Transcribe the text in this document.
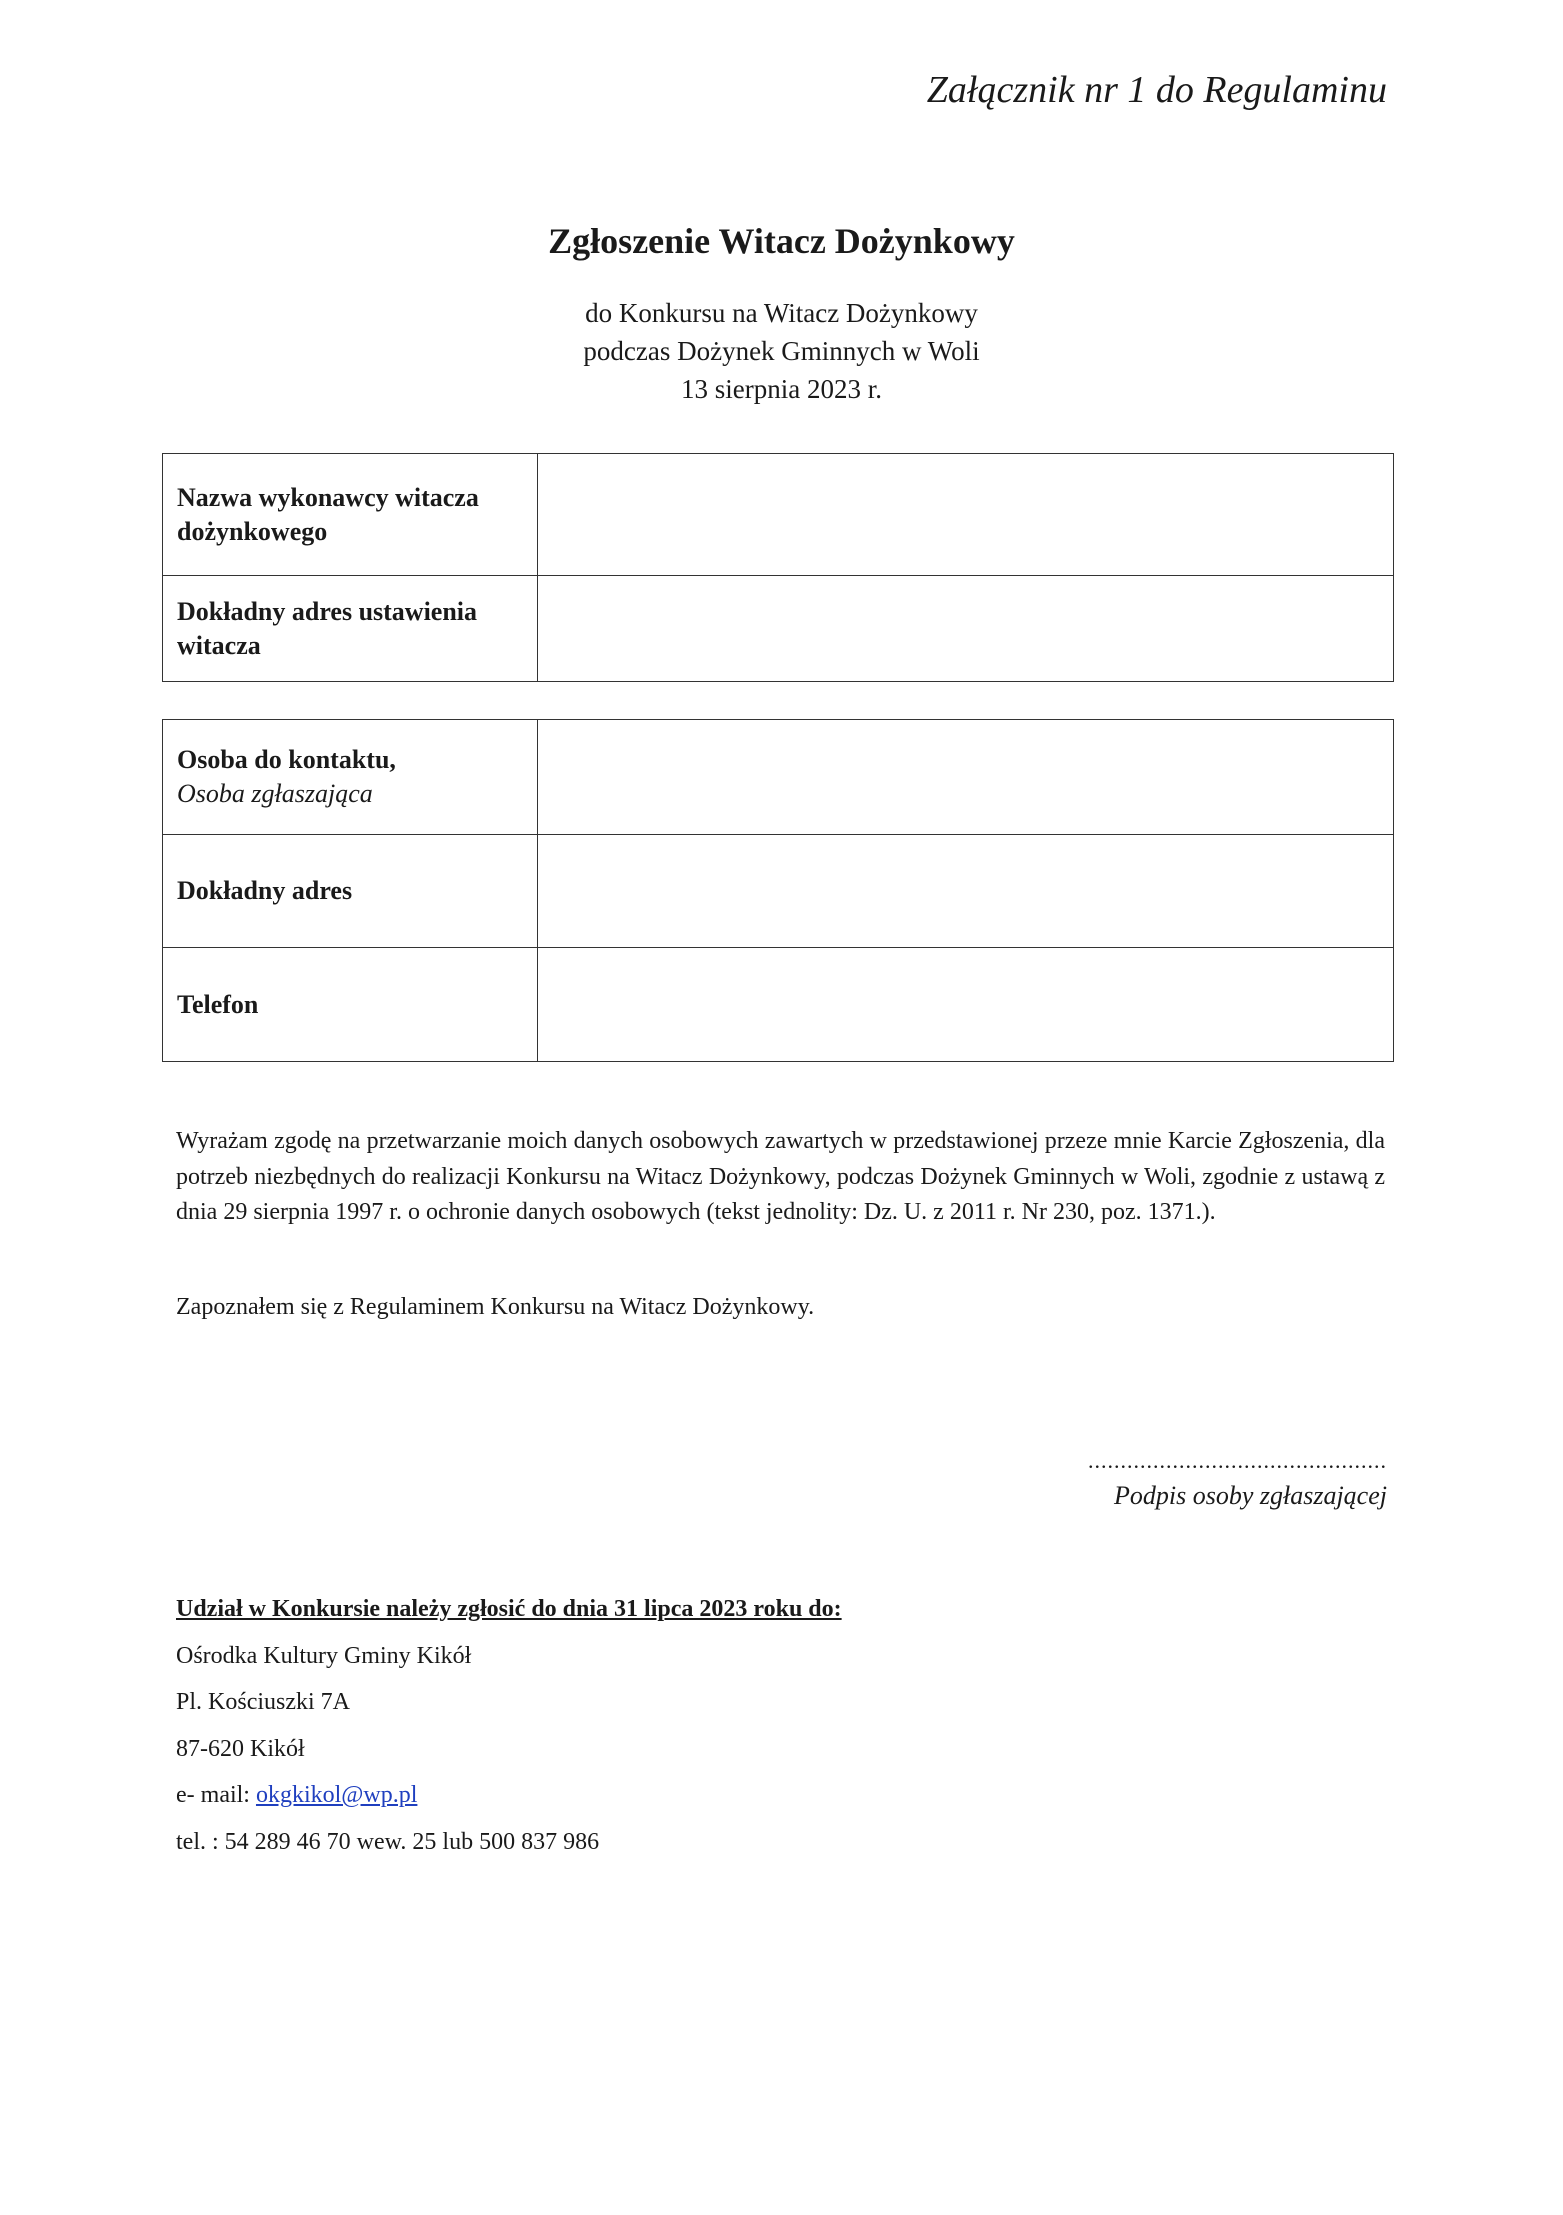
Załącznik nr 1 do Regulaminu
Zgłoszenie Witacz Dożynkowy
do Konkursu na Witacz Dożynkowy
podczas Dożynek Gminnych w Woli
13 sierpnia 2023 r.
Nazwa wykonawcy witacza dożynkowego	
Dokładny adres ustawienia witacza	
Osoba do kontaktu,
Osoba zgłaszająca	

Dokładny adres	
Telefon	
Wyrażam zgodę na przetwarzanie moich danych osobowych zawartych w przedstawionej przeze mnie Karcie Zgłoszenia, dla potrzeb niezbędnych do realizacji Konkursu na Witacz Dożynkowy, podczas Dożynek Gminnych w Woli, zgodnie z ustawą z dnia 29 sierpnia 1997 r. o ochronie danych osobowych (tekst jednolity: Dz. U. z 2011 r. Nr 230, poz. 1371.).
Zapoznałem się z Regulaminem Konkursu na Witacz Dożynkowy.
..............................................
Podpis osoby zgłaszającej
Udział w Konkursie należy zgłosić do dnia 31 lipca 2023 roku do:
Ośrodka Kultury Gminy Kikół
Pl. Kościuszki 7A
87-620 Kikół
e- mail: okgkikol@wp.pl
tel. : 54 289 46 70 wew. 25 lub 500 837 986
